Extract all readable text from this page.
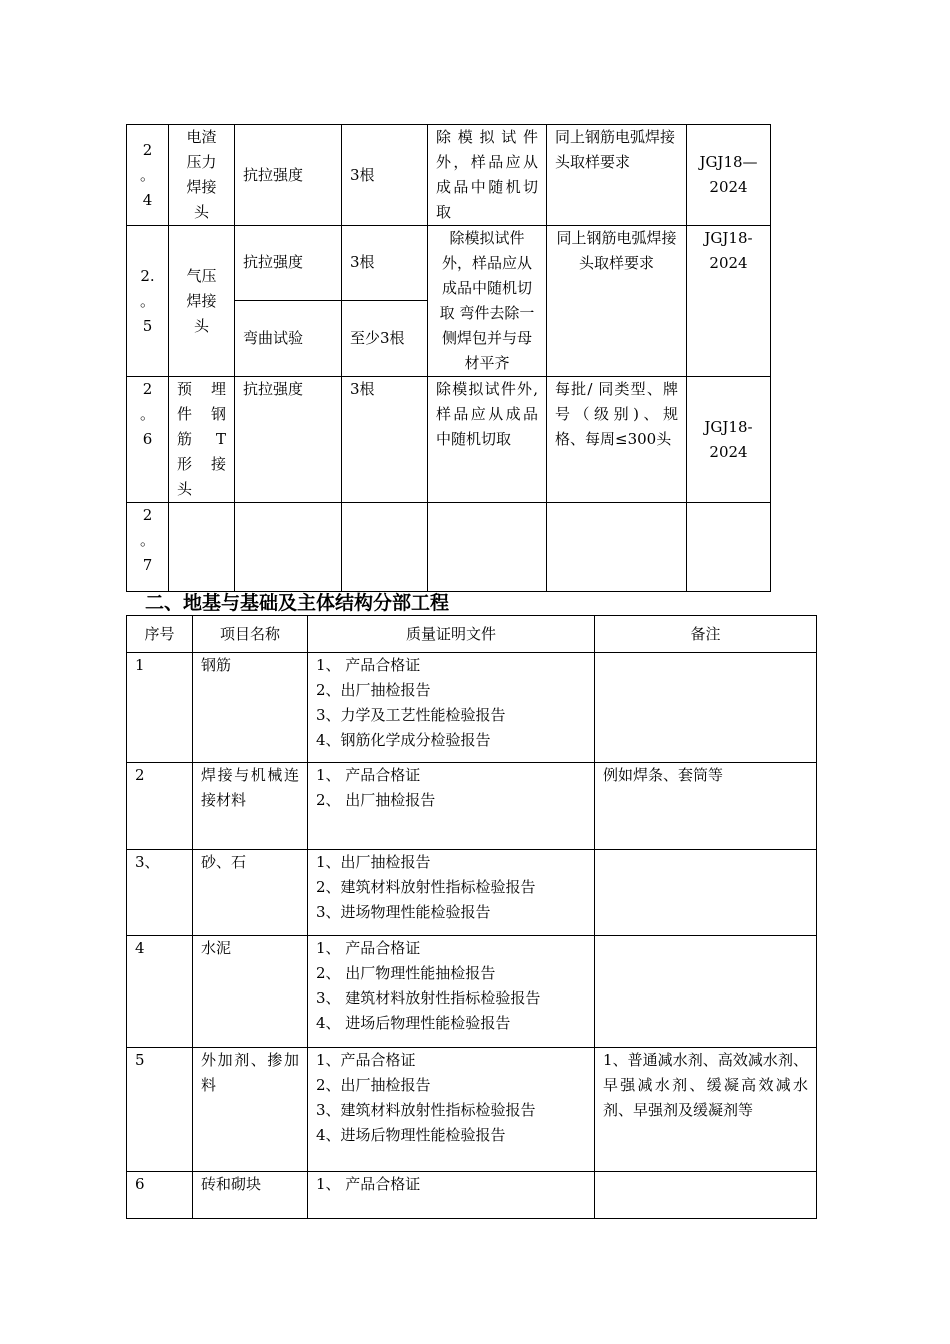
2
。
4	电渣
压力
焊接
头	抗拉强度	3根	除模拟试件外，样品应从成品中随机切取	同上钢筋电弧焊接头取样要求	JGJ18—
2024

2.
。
5	气压
焊接
头	抗拉强度	3根	除模拟试件外，样品应从成品中随机切取 弯件去除一侧焊包并与母材平齐	同上钢筋电弧焊接头取样要求	JGJ18-
2024

		弯曲试验	至少3根			

2
。
6	预 埋
件 钢
筋 T
形 接
头	抗拉强度	3根	除模拟试件外,样品应从成品中随机切取	每批/ 同类型、牌号（级别)、规格、每周≤300头	JGJ18-
2024

2
。
7						

二、地基与基础及主体结构分部工程
序号	项目名称	质量证明文件	备注
1	钢筋	1、 产品合格证
2、出厂抽检报告
3、力学及工艺性能检验报告
4、钢筋化学成分检验报告	

2	焊接与机械连接材料	1、 产品合格证
2、 出厂抽检报告	例如焊条、套筒等
3、	砂、石	1、出厂抽检报告
2、建筑材料放射性指标检验报告
3、进场物理性能检验报告	

4	水泥	1、 产品合格证
2、 出厂物理性能抽检报告
3、 建筑材料放射性指标检验报告
4、 进场后物理性能检验报告	

5	外加剂、掺加料	1、产品合格证
2、出厂抽检报告
3、建筑材料放射性指标检验报告
4、进场后物理性能检验报告	1、普通减水剂、高效减水剂、早强减水剂、缓凝高效减水剂、早强剂及缓凝剂等
6	砖和砌块	1、 产品合格证	
